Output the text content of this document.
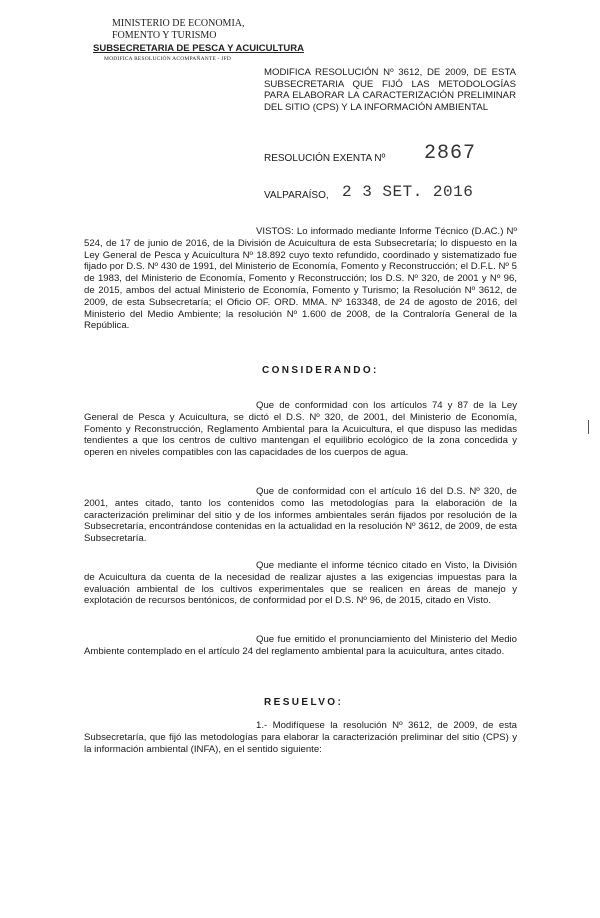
MINISTERIO DE ECONOMIA,
FOMENTO Y TURISMO
SUBSECRETARIA DE PESCA Y ACUICULTURA
MODIFICA RESOLUCIÓN ACOMPAÑANTE - JFD
MODIFICA RESOLUCIÓN Nº 3612, DE 2009, DE ESTA SUBSECRETARIA QUE FIJÓ LAS METODOLOGÍAS PARA ELABORAR LA CARACTERIZACIÓN PRELIMINAR DEL SITIO (CPS) Y LA INFORMACIÓN AMBIENTAL
RESOLUCIÓN EXENTA Nº 2867
VALPARAÍSO, 2 3 SET. 2016
VISTOS: Lo informado mediante Informe Técnico (D.AC.) Nº 524, de 17 de junio de 2016, de la División de Acuicultura de esta Subsecretaría; lo dispuesto en la Ley General de Pesca y Acuicultura Nº 18.892 cuyo texto refundido, coordinado y sistematizado fue fijado por D.S. Nº 430 de 1991, del Ministerio de Economía, Fomento y Reconstrucción; el D.F.L. Nº 5 de 1983, del Ministerio de Economía, Fomento y Reconstrucción; los D.S. Nº 320, de 2001 y Nº 96, de 2015, ambos del actual Ministerio de Economía, Fomento y Turismo; la Resolución Nº 3612, de 2009, de esta Subsecretaría; el Oficio OF. ORD. MMA. Nº 163348, de 24 de agosto de 2016, del Ministerio del Medio Ambiente; la resolución Nº 1.600 de 2008, de la Contraloría General de la República.
CONSIDERANDO:
Que de conformidad con los artículos 74 y 87 de la Ley General de Pesca y Acuicultura, se dictó el D.S. Nº 320, de 2001, del Ministerio de Economía, Fomento y Reconstrucción, Reglamento Ambiental para la Acuicultura, el que dispuso las medidas tendientes a que los centros de cultivo mantengan el equilibrio ecológico de la zona concedida y operen en niveles compatibles con las capacidades de los cuerpos de agua.
Que de conformidad con el artículo 16 del D.S. Nº 320, de 2001, antes citado, tanto los contenidos como las metodologías para la elaboración de la caracterización preliminar del sitio y de los informes ambientales serán fijados por resolución de la Subsecretaría, encontrándose contenidas en la actualidad en la resolución Nº 3612, de 2009, de esta Subsecretaría.
Que mediante el informe técnico citado en Visto, la División de Acuicultura da cuenta de la necesidad de realizar ajustes a las exigencias impuestas para la evaluación ambiental de los cultivos experimentales que se realicen en áreas de manejo y explotación de recursos bentónicos, de conformidad por el D.S. Nº 96, de 2015, citado en Visto.
Que fue emitido el pronunciamiento del Ministerio del Medio Ambiente contemplado en el artículo 24 del reglamento ambiental para la acuicultura, antes citado.
RESUELVO:
1.- Modifíquese la resolución Nº 3612, de 2009, de esta Subsecretaría, que fijó las metodologías para elaborar la caracterización preliminar del sitio (CPS) y la información ambiental (INFA), en el sentido siguiente:
